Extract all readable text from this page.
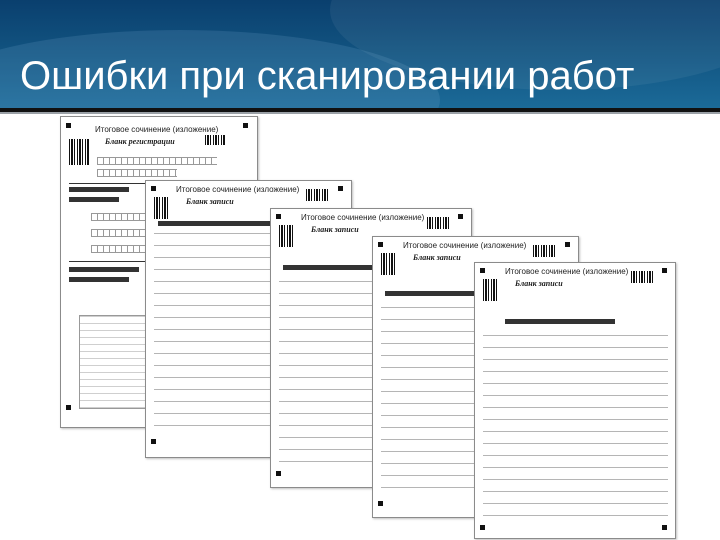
Ошибки при сканировании работ
Итоговое сочинение (изложение)
Бланк регистрации
Итоговое сочинение (изложение)
Бланк записи
Итоговое сочинение (изложение)
Бланк записи
Итоговое сочинение (изложение)
Бланк записи
Итоговое сочинение (изложение)
Бланк записи
